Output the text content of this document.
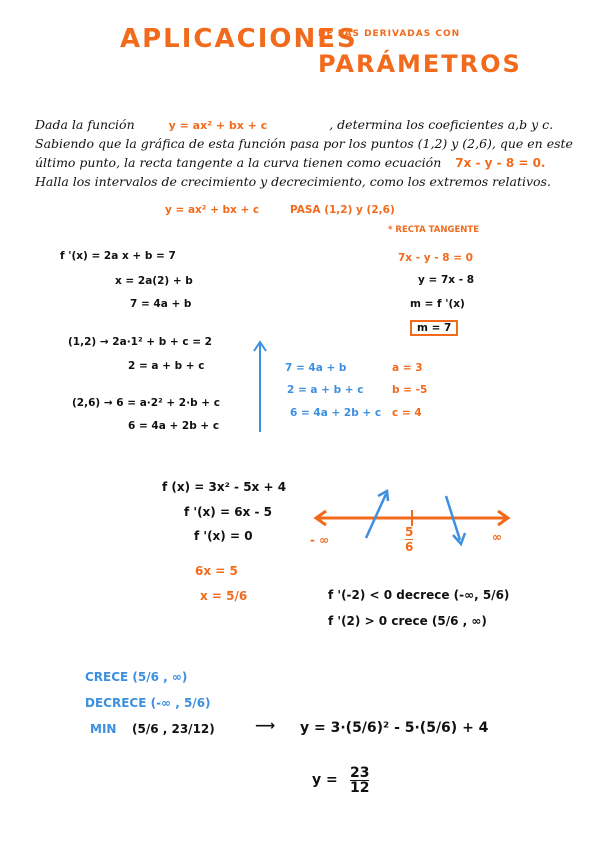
APLICACIONES
DE LAS DERIVADAS CON
PARÁMETROS
Dada la función	y = ax² + bx + c	, determina los coeficientes a,b y c.
Sabiendo que la gráfica de esta función pasa por los puntos (1,2) y (2,6), que en este
último punto, la recta tangente a la curva tienen como ecuación 7x - y - 8 = 0.
Halla los intervalos de crecimiento y decrecimiento, como los extremos relativos.
y = ax² + bx + c	PASA (1,2) y (2,6)
* RECTA TANGENTE
f '(x) = 2a x + b = 7
x = 2a(2) + b
7 = 4a + b
7x - y - 8 = 0
y = 7x - 8
m = f '(x)
m = 7
(1,2) → 2a·1² + b + c = 2
2 = a + b + c
(2,6) → 6 = a·2² + 2·b + c
6 = 4a + 2b + c
7 = 4a + b
2 = a + b + c
6 = 4a + 2b + c
a = 3
b = -5
c = 4
f (x) = 3x² - 5x + 4
f '(x) = 6x - 5
f '(x) = 0
6x = 5
x = 5/6
- ∞	∞
$\frac{5}{6}$
f '(-2) < 0 decrece (-∞, 5/6)
f '(2) > 0 crece (5/6 , ∞)
CRECE (5/6 , ∞)
DECRECE (-∞ , 5/6)
MIN (5/6 , 23/12)	⟶ y = 3·(5/6)² - 5·(5/6) + 4
$y = \frac{23}{12}$
